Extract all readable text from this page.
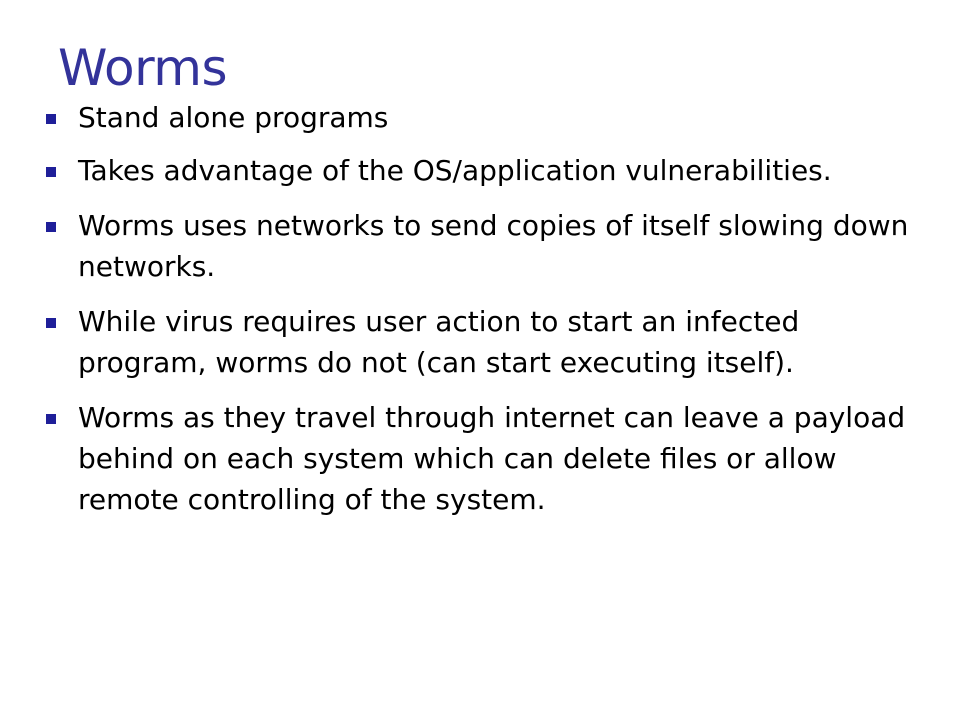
Worms
Stand alone programs
Takes advantage of the OS/application vulnerabilities.
Worms uses networks to send copies of itself slowing down networks.
While virus requires user action to start an infected program, worms do not (can start executing itself).
Worms as they travel through internet can leave a payload behind on each system which can delete files or allow remote controlling of the system.
